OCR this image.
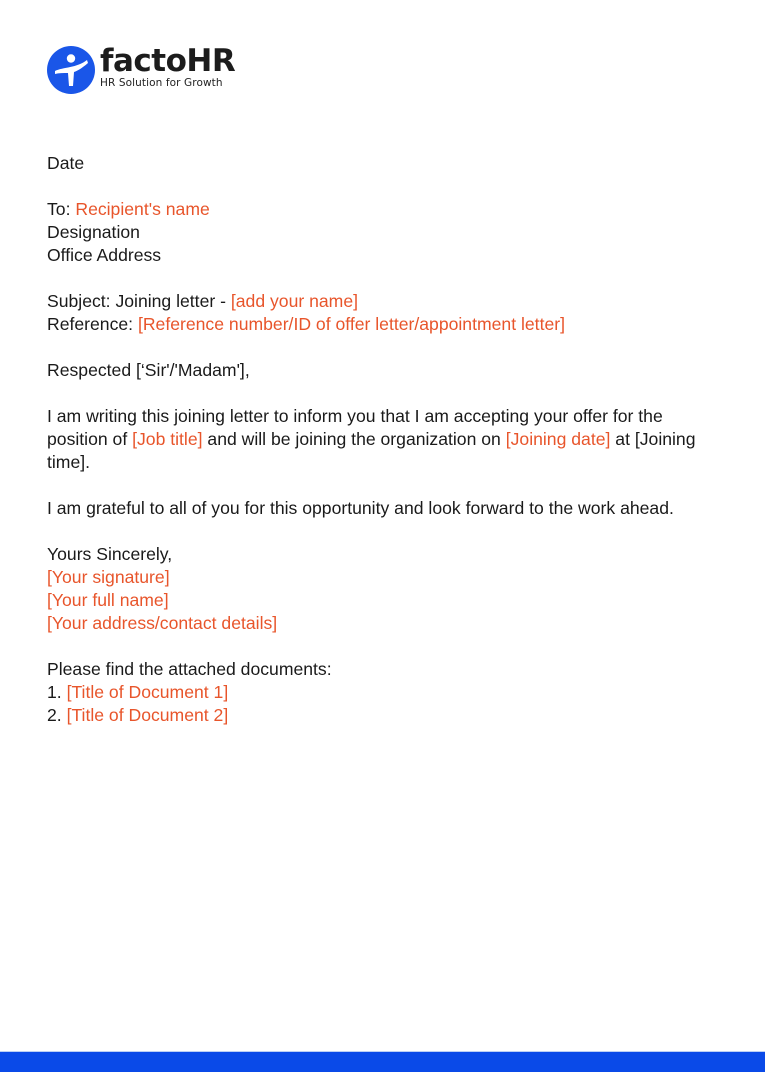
factoHR
HR Solution for Growth
Date
To: Recipient's name
Designation
Office Address
Subject: Joining letter - [add your name]
Reference: [Reference number/ID of offer letter/appointment letter]
Respected [‘Sir'/'Madam'],
I am writing this joining letter to inform you that I am accepting your offer for the position of [Job title] and will be joining the organization on [Joining date] at [Joining time].
I am grateful to all of you for this opportunity and look forward to the work ahead.
Yours Sincerely,
[Your signature]
[Your full name]
[Your address/contact details]
Please find the attached documents:
1. [Title of Document 1]
2. [Title of Document 2]
